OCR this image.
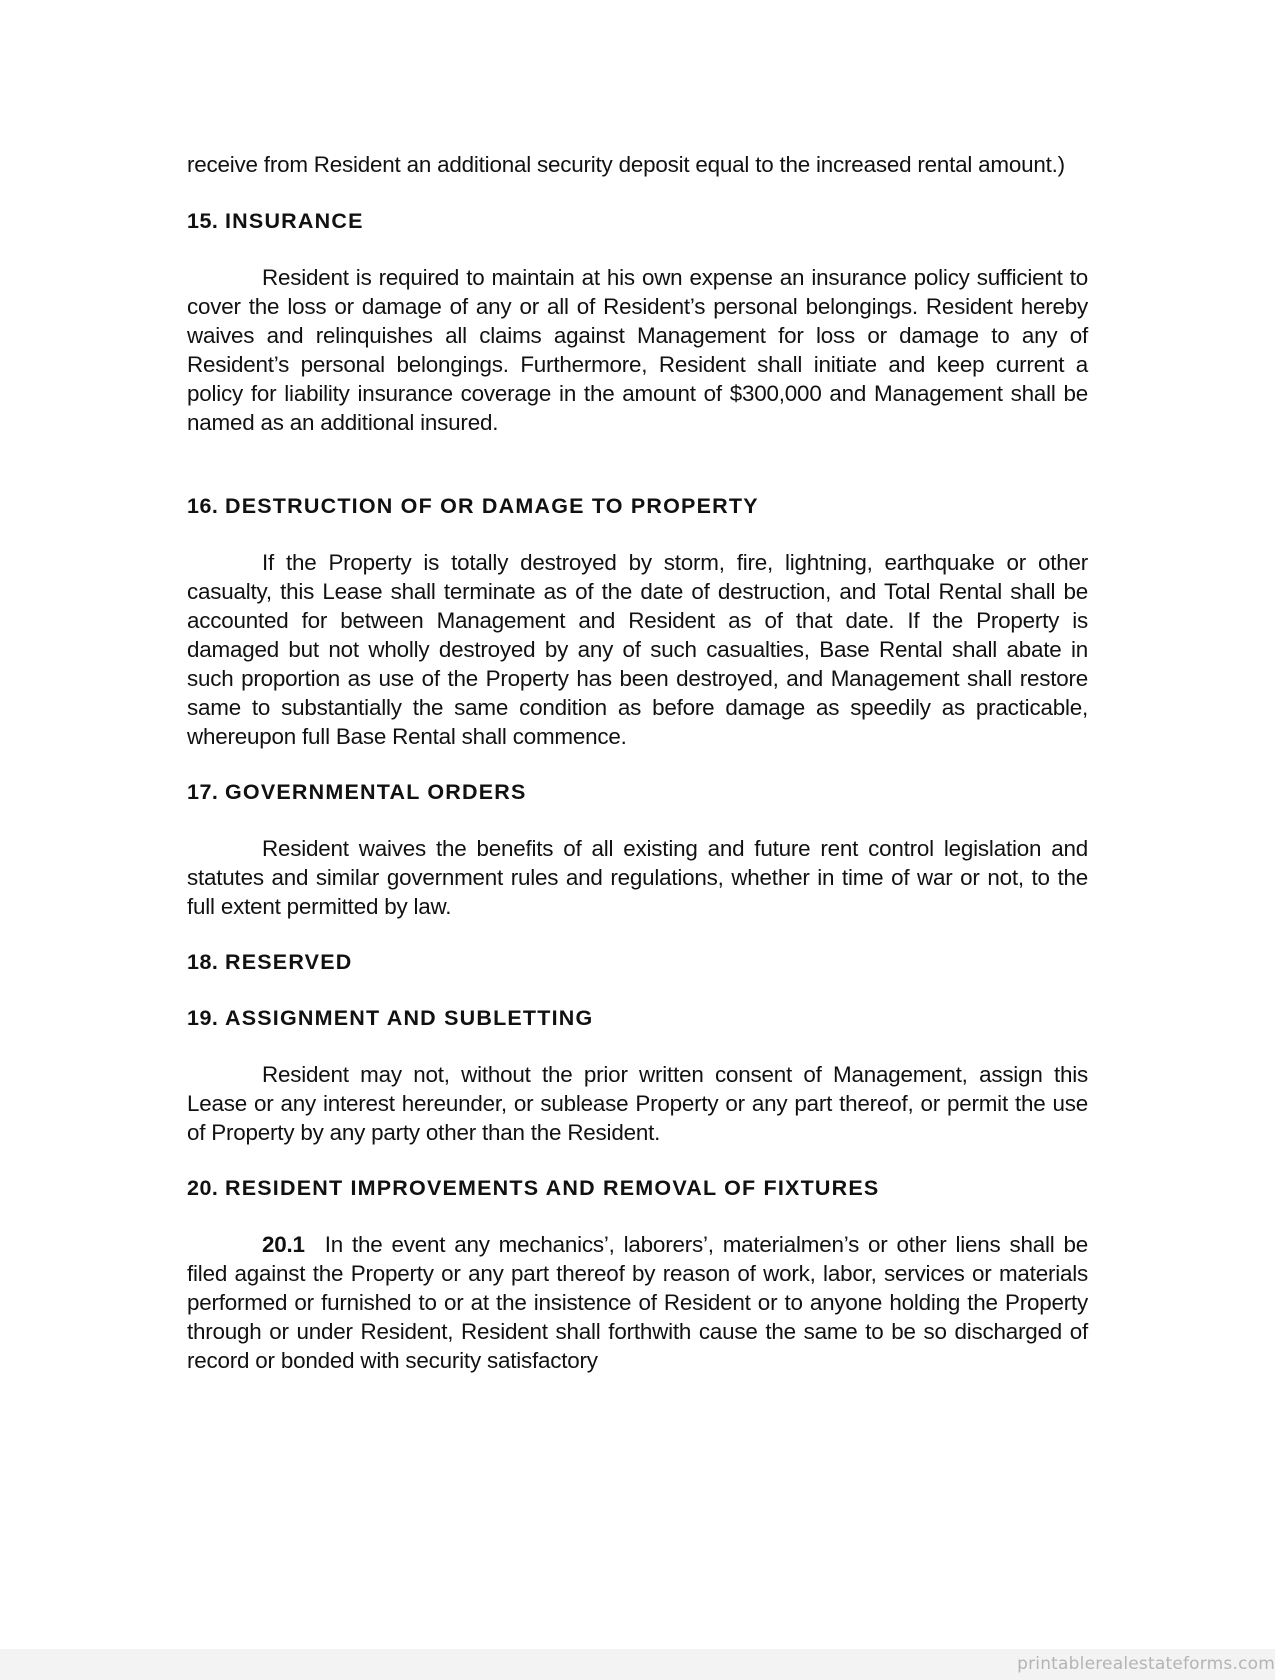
receive from Resident an additional security deposit equal to the increased rental amount.)

15. INSURANCE

Resident is required to maintain at his own expense an insurance policy sufficient to cover the loss or damage of any or all of Resident’s personal belongings. Resident hereby waives and relinquishes all claims against Management for loss or damage to any of Resident’s personal belongings. Furthermore, Resident shall initiate and keep current a policy for liability insurance coverage in the amount of $300,000 and Management shall be named as an additional insured.

16. DESTRUCTION OF OR DAMAGE TO PROPERTY

If the Property is totally destroyed by storm, fire, lightning, earthquake or other casualty, this Lease shall terminate as of the date of destruction, and Total Rental shall be accounted for between Management and Resident as of that date. If the Property is damaged but not wholly destroyed by any of such casualties, Base Rental shall abate in such proportion as use of the Property has been destroyed, and Management shall restore same to substantially the same condition as before damage as speedily as practicable, whereupon full Base Rental shall commence.

17. GOVERNMENTAL ORDERS

Resident waives the benefits of all existing and future rent control legislation and statutes and similar government rules and regulations, whether in time of war or not, to the full extent permitted by law.

18. RESERVED
19. ASSIGNMENT AND SUBLETTING

Resident may not, without the prior written consent of Management, assign this Lease or any interest hereunder, or sublease Property or any part thereof, or permit the use of Property by any party other than the Resident.

20. RESIDENT IMPROVEMENTS AND REMOVAL OF FIXTURES

20.1 In the event any mechanics’, laborers’, materialmen’s or other liens shall be filed against the Property or any part thereof by reason of work, labor, services or materials performed or furnished to or at the insistence of Resident or to anyone holding the Property through or under Resident, Resident shall forthwith cause the same to be so discharged of record or bonded with security satisfactory

printablerealestateforms.com
